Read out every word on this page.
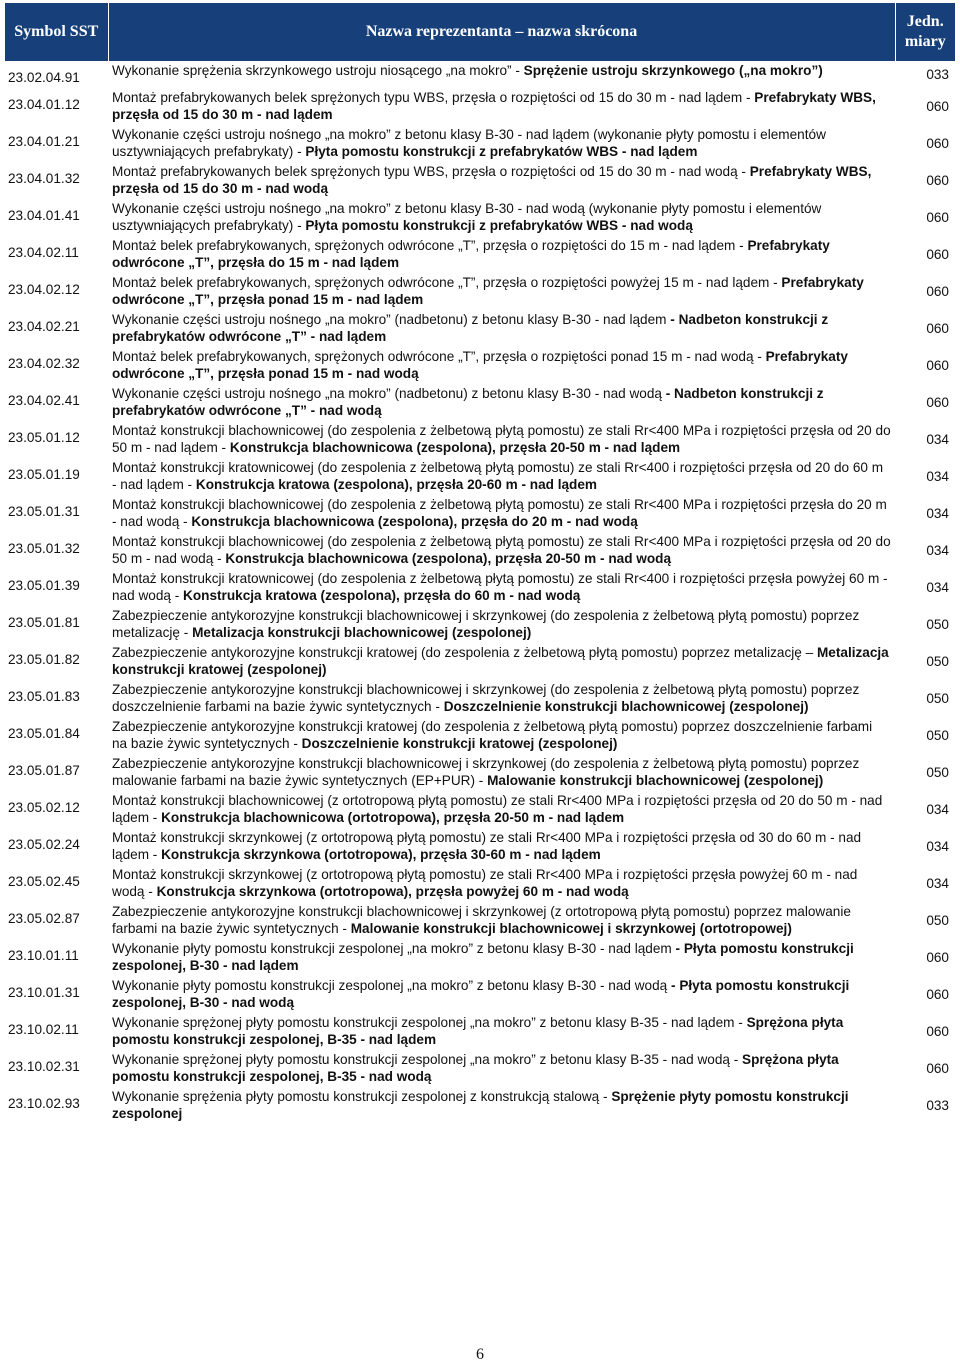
Symbol SST	Nazwa reprezentanta – nazwa skrócona	Jedn. miary
23.02.04.91	Wykonanie sprężenia skrzynkowego ustroju niosącego „na mokro” - Sprężenie ustroju skrzynkowego („na mokro”)	033
23.04.01.12	Montaż prefabrykowanych belek sprężonych typu WBS, przęsła o rozpiętości od 15 do 30 m - nad lądem - Prefabrykaty WBS, przęsła od 15 do 30 m - nad lądem	060
23.04.01.21	Wykonanie części ustroju nośnego „na mokro” z betonu klasy B-30 - nad lądem (wykonanie płyty pomostu i elementów usztywniających prefabrykaty) - Płyta pomostu konstrukcji z prefabrykatów WBS - nad lądem	060
23.04.01.32	Montaż prefabrykowanych belek sprężonych typu WBS, przęsła o rozpiętości od 15 do 30 m - nad wodą - Prefabrykaty WBS, przęsła od 15 do 30 m - nad wodą	060
23.04.01.41	Wykonanie części ustroju nośnego „na mokro” z betonu klasy B-30 - nad wodą (wykonanie płyty pomostu i elementów usztywniających prefabrykaty) - Płyta pomostu konstrukcji z prefabrykatów WBS - nad wodą	060
23.04.02.11	Montaż belek prefabrykowanych, sprężonych odwrócone „T”, przęsła o rozpiętości do 15 m - nad lądem - Prefabrykaty odwrócone „T”, przęsła do 15 m - nad lądem	060
23.04.02.12	Montaż belek prefabrykowanych, sprężonych odwrócone „T”, przęsła o rozpiętości powyżej 15 m - nad lądem - Prefabrykaty odwrócone „T”, przęsła ponad 15 m - nad lądem	060
23.04.02.21	Wykonanie części ustroju nośnego „na mokro” (nadbetonu) z betonu klasy B-30 - nad lądem - Nadbeton konstrukcji z prefabrykatów odwrócone „T” - nad lądem	060
23.04.02.32	Montaż belek prefabrykowanych, sprężonych odwrócone „T”, przęsła o rozpiętości ponad 15 m - nad wodą - Prefabrykaty odwrócone „T”, przęsła ponad 15 m - nad wodą	060
23.04.02.41	Wykonanie części ustroju nośnego „na mokro” (nadbetonu) z betonu klasy B-30 - nad wodą - Nadbeton konstrukcji z prefabrykatów odwrócone „T” - nad wodą	060
23.05.01.12	Montaż konstrukcji blachownicowej (do zespolenia z żelbetową płytą pomostu) ze stali Rr<400 MPa i rozpiętości przęsła od 20 do 50 m - nad lądem - Konstrukcja blachownicowa (zespolona), przęsła 20-50 m - nad lądem	034
23.05.01.19	Montaż konstrukcji kratownicowej (do zespolenia z żelbetową płytą pomostu) ze stali Rr<400 i rozpiętości przęsła od 20 do 60 m - nad lądem - Konstrukcja kratowa (zespolona), przęsła 20-60 m - nad lądem	034
23.05.01.31	Montaż konstrukcji blachownicowej (do zespolenia z żelbetową płytą pomostu) ze stali Rr<400 MPa i rozpiętości przęsła do 20 m - nad wodą - Konstrukcja blachownicowa (zespolona), przęsła do 20 m - nad wodą	034
23.05.01.32	Montaż konstrukcji blachownicowej (do zespolenia z żelbetową płytą pomostu) ze stali Rr<400 MPa i rozpiętości przęsła od 20 do 50 m - nad wodą - Konstrukcja blachownicowa (zespolona), przęsła 20-50 m - nad wodą	034
23.05.01.39	Montaż konstrukcji kratownicowej (do zespolenia z żelbetową płytą pomostu) ze stali Rr<400 i rozpiętości przęsła powyżej 60 m - nad wodą - Konstrukcja kratowa (zespolona), przęsła do 60 m - nad wodą	034
23.05.01.81	Zabezpieczenie antykorozyjne konstrukcji blachownicowej i skrzynkowej (do zespolenia z żelbetową płytą pomostu) poprzez metalizację - Metalizacja konstrukcji blachownicowej (zespolonej)	050
23.05.01.82	Zabezpieczenie antykorozyjne konstrukcji kratowej (do zespolenia z żelbetową płytą pomostu) poprzez metalizację – Metalizacja konstrukcji kratowej (zespolonej)	050
23.05.01.83	Zabezpieczenie antykorozyjne konstrukcji blachownicowej i skrzynkowej (do zespolenia z żelbetową płytą pomostu) poprzez doszczelnienie farbami na bazie żywic syntetycznych - Doszczelnienie konstrukcji blachownicowej (zespolonej)	050
23.05.01.84	Zabezpieczenie antykorozyjne konstrukcji kratowej (do zespolenia z żelbetową płytą pomostu) poprzez doszczelnienie farbami na bazie żywic syntetycznych - Doszczelnienie konstrukcji kratowej (zespolonej)	050
23.05.01.87	Zabezpieczenie antykorozyjne konstrukcji blachownicowej i skrzynkowej (do zespolenia z żelbetową płytą pomostu) poprzez malowanie farbami na bazie żywic syntetycznych (EP+PUR) - Malowanie konstrukcji blachownicowej (zespolonej)	050
23.05.02.12	Montaż konstrukcji blachownicowej (z ortotropową płytą pomostu) ze stali Rr<400 MPa i rozpiętości przęsła od 20 do 50 m - nad lądem - Konstrukcja blachownicowa (ortotropowa), przęsła 20-50 m - nad lądem	034
23.05.02.24	Montaż konstrukcji skrzynkowej (z ortotropową płytą pomostu) ze stali Rr<400 MPa i rozpiętości przęsła od 30 do 60 m - nad lądem - Konstrukcja skrzynkowa (ortotropowa), przęsła 30-60 m - nad lądem	034
23.05.02.45	Montaż konstrukcji skrzynkowej (z ortotropową płytą pomostu) ze stali Rr<400 MPa i rozpiętości przęsła powyżej 60 m - nad wodą - Konstrukcja skrzynkowa (ortotropowa), przęsła powyżej 60 m - nad wodą	034
23.05.02.87	Zabezpieczenie antykorozyjne konstrukcji blachownicowej i skrzynkowej (z ortotropową płytą pomostu) poprzez malowanie farbami na bazie żywic syntetycznych - Malowanie konstrukcji blachownicowej i skrzynkowej (ortotropowej)	050
23.10.01.11	Wykonanie płyty pomostu konstrukcji zespolonej „na mokro” z betonu klasy B-30 - nad lądem - Płyta pomostu konstrukcji zespolonej, B-30 - nad lądem	060
23.10.01.31	Wykonanie płyty pomostu konstrukcji zespolonej „na mokro” z betonu klasy B-30 - nad wodą - Płyta pomostu konstrukcji zespolonej, B-30 - nad wodą	060
23.10.02.11	Wykonanie sprężonej płyty pomostu konstrukcji zespolonej „na mokro” z betonu klasy B-35 - nad lądem - Sprężona płyta pomostu konstrukcji zespolonej, B-35 - nad lądem	060
23.10.02.31	Wykonanie sprężonej płyty pomostu konstrukcji zespolonej „na mokro” z betonu klasy B-35 - nad wodą - Sprężona płyta pomostu konstrukcji zespolonej, B-35 - nad wodą	060
23.10.02.93	Wykonanie sprężenia płyty pomostu konstrukcji zespolonej z konstrukcją stalową - Sprężenie płyty pomostu konstrukcji zespolonej	033
6
